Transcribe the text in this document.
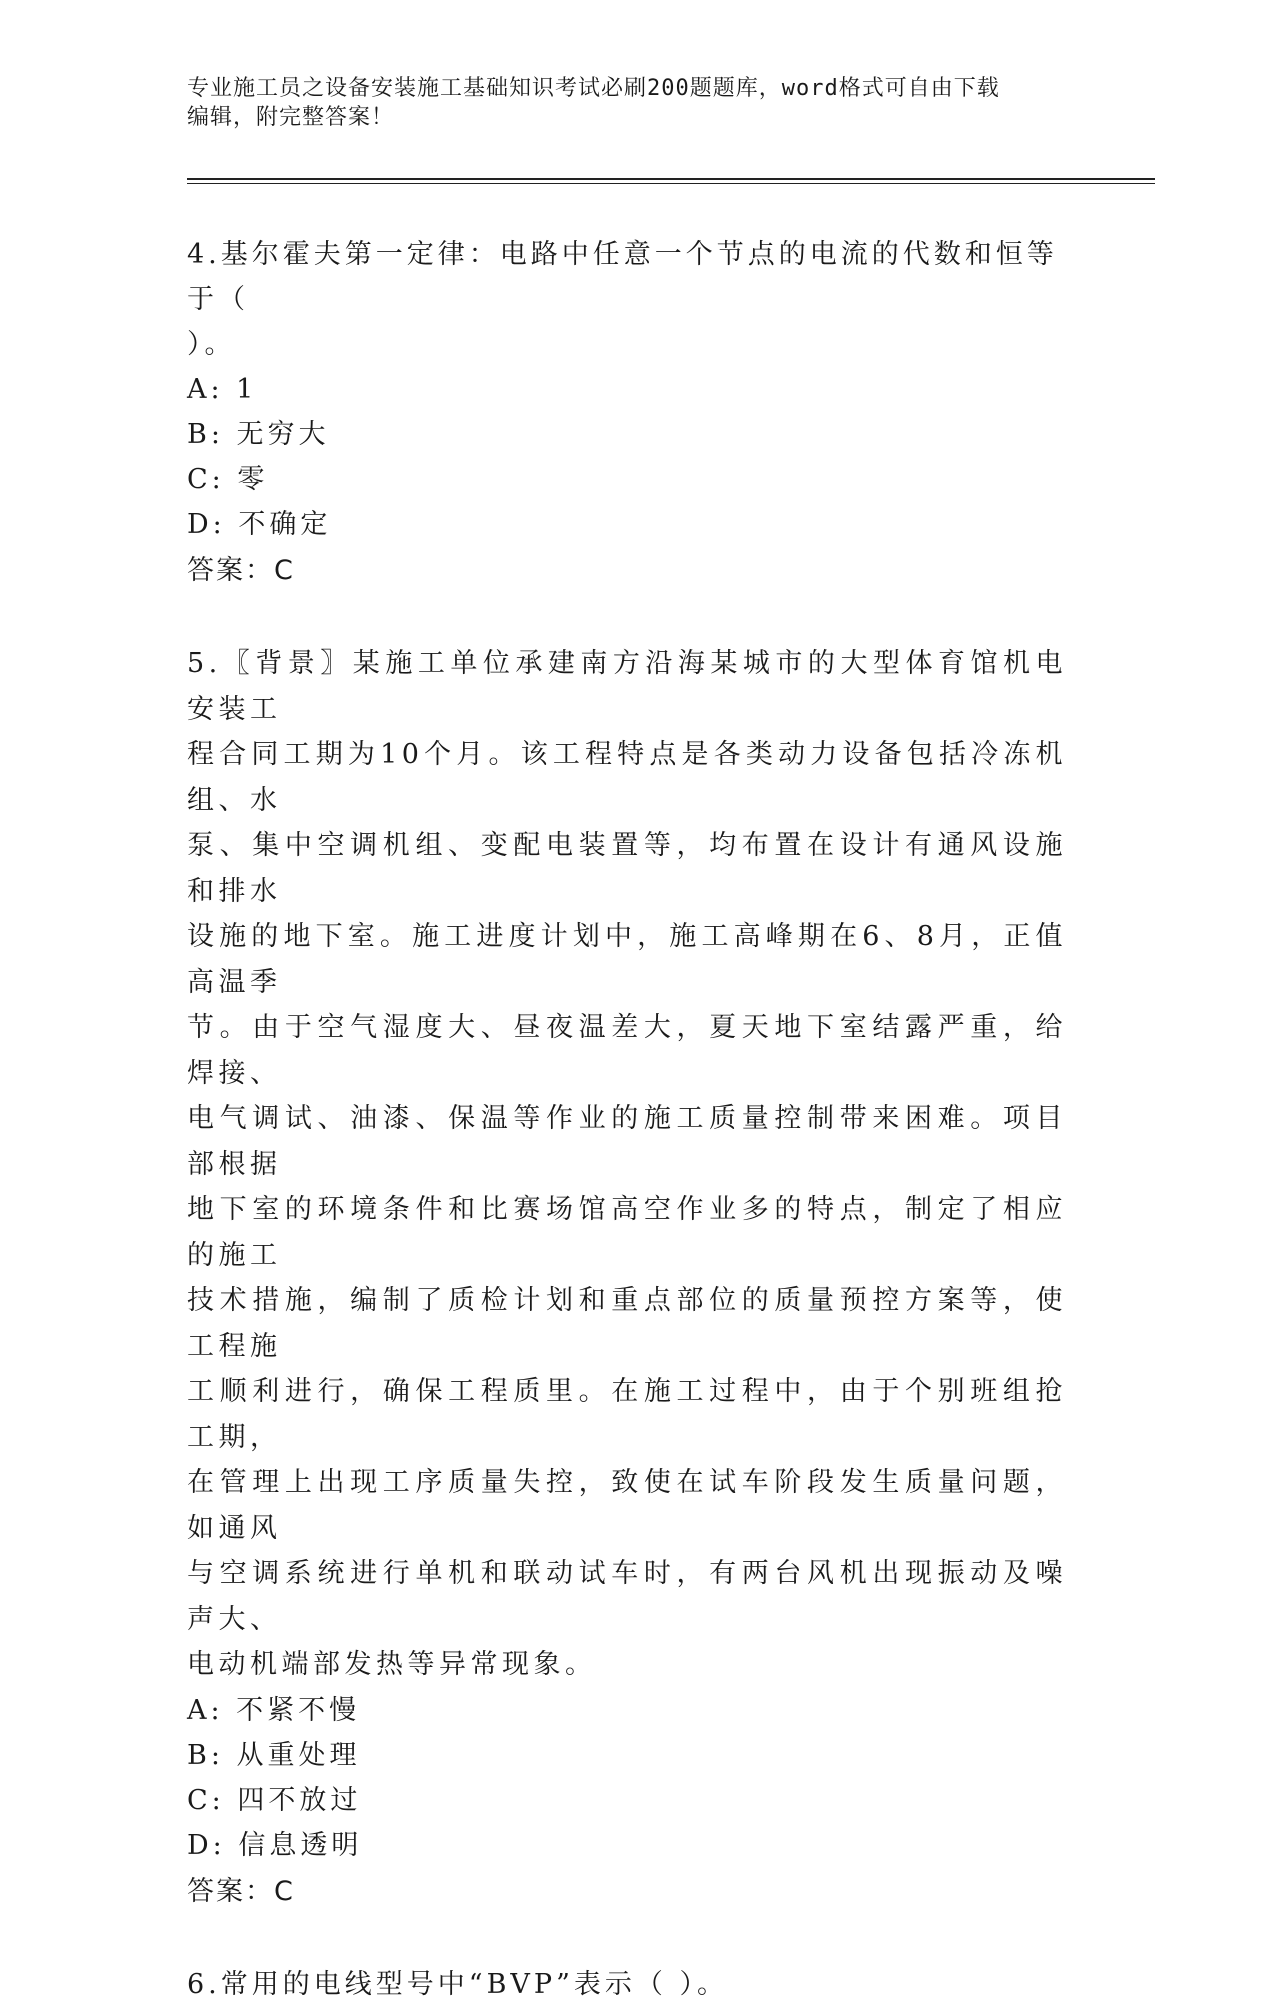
专业施工员之设备安装施工基础知识考试必刷200题题库，word格式可自由下载
编辑，附完整答案！

4.基尔霍夫第一定律：电路中任意一个节点的电流的代数和恒等于（

）。

A: 1

B: 无穷大

C: 零

D: 不确定

答案：C

5.〖背景〗某施工单位承建南方沿海某城市的大型体育馆机电安装工

程合同工期为10个月。该工程特点是各类动力设备包括冷冻机组、水

泵、集中空调机组、变配电装置等，均布置在设计有通风设施和排水

设施的地下室。施工进度计划中，施工高峰期在6、8月，正值高温季

节。由于空气湿度大、昼夜温差大，夏天地下室结露严重，给焊接、

电气调试、油漆、保温等作业的施工质量控制带来困难。项目部根据

地下室的环境条件和比赛场馆高空作业多的特点，制定了相应的施工

技术措施，编制了质检计划和重点部位的质量预控方案等，使工程施

工顺利进行，确保工程质里。在施工过程中，由于个别班组抢工期，

在管理上出现工序质量失控，致使在试车阶段发生质量问题，如通风

与空调系统进行单机和联动试车时，有两台风机出现振动及噪声大、

电动机端部发热等异常现象。

A: 不紧不慢

B: 从重处理

C: 四不放过

D: 信息透明

答案：C

6.常用的电线型号中“BVP”表示（ ）。
